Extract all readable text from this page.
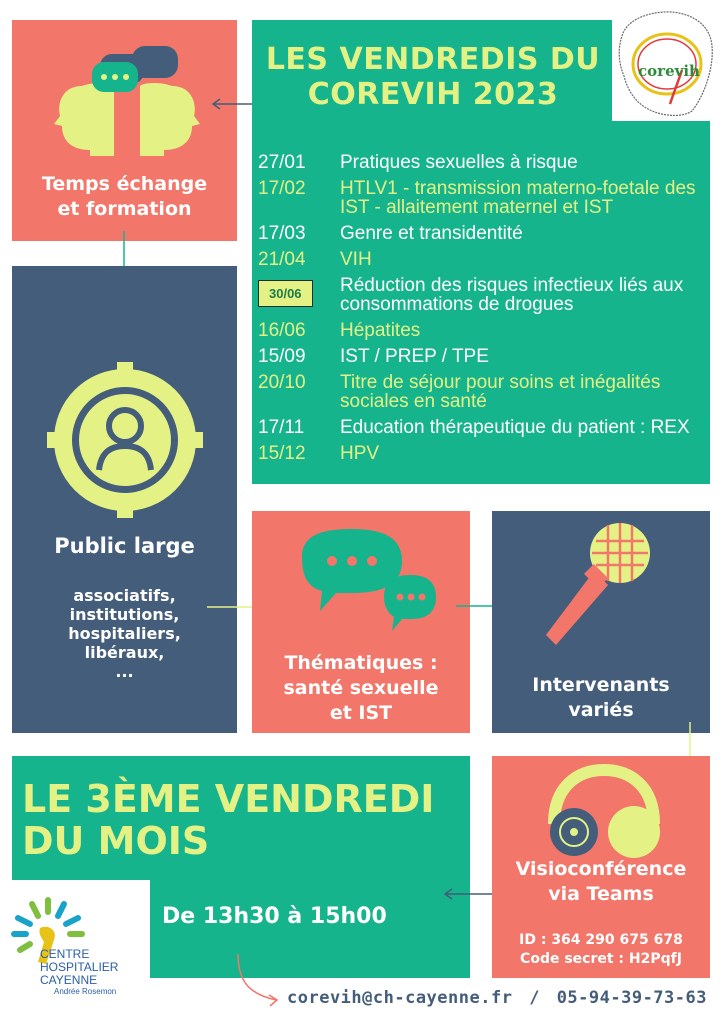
Temps échange
et formation
LES VENDREDIS DU
COREVIH 2023
27/01	Pratiques sexuelles à risque
17/02	HTLV1 - transmission materno-foetale des IST - allaitement maternel et IST
17/03	Genre et transidentité
21/04	VIH
30/06	Réduction des risques infectieux liés aux consommations de drogues
16/06	Hépatites
15/09	IST / PREP / TPE
20/10	Titre de séjour pour soins et inégalités sociales en santé
17/11	Education thérapeutique du patient : REX
15/12	HPV
corevih
Public large
associatifs,
institutions,
hospitaliers,
libéraux,
...	Thématiques :
santé sexuelle
et IST
Intervenants
variés
LE 3ÈME VENDREDI
DU MOIS
De 13h30 à 15h00
CENTRE
HOSPITALIER
CAYENNE
Andrée Rosemon
Visioconférence
via Teams
ID : 364 290 675 678
Code secret : H2PqfJ
corevih@ch-cayenne.fr / 05-94-39-73-63
